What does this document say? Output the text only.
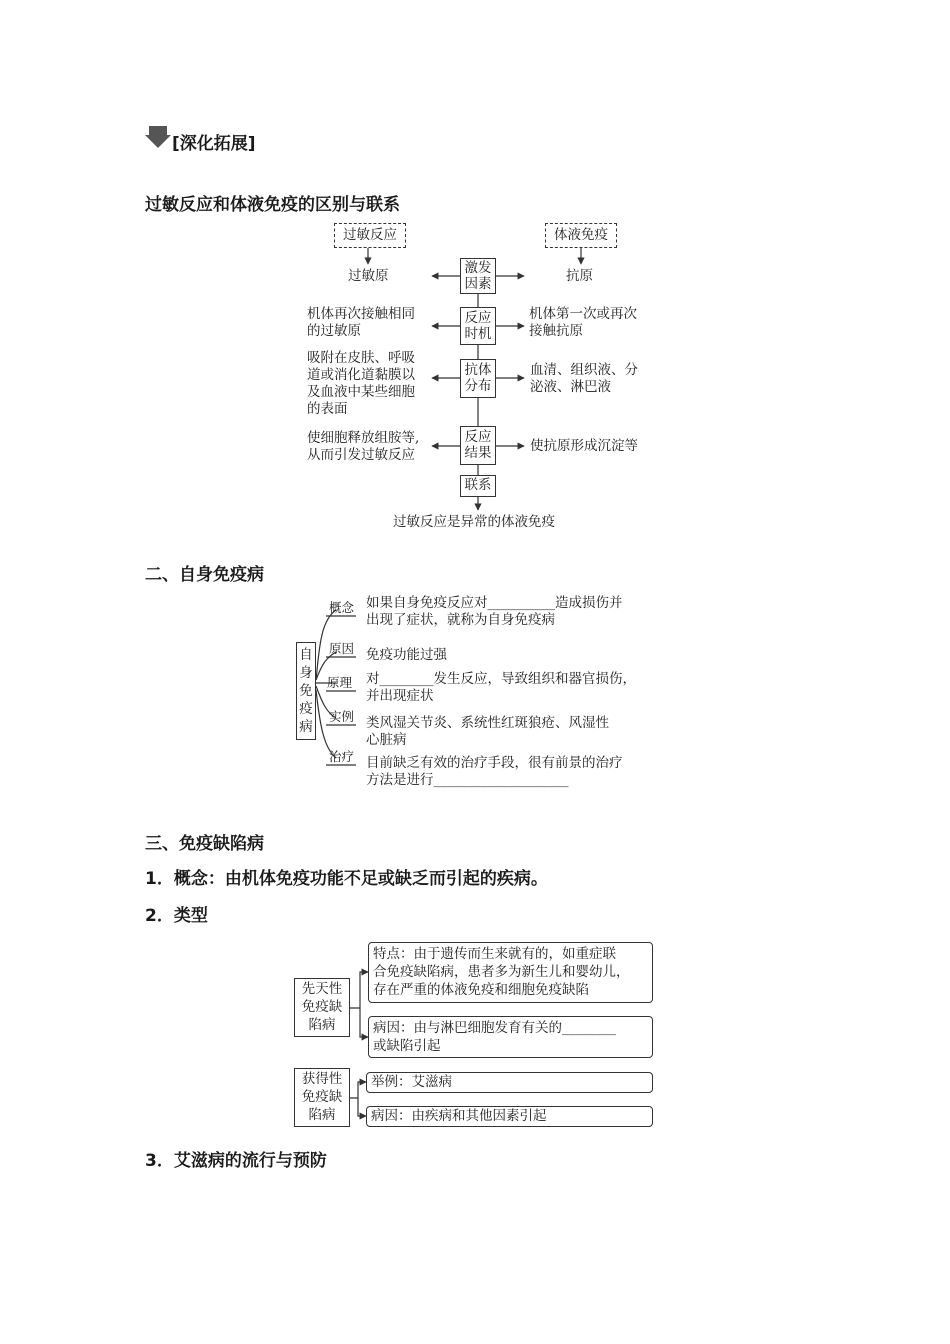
[深化拓展]
过敏反应和体液免疫的区别与联系
过敏反应	体液免疫
激发
因素
反应
时机
抗体
分布
反应
结果
联系
过敏原
机体再次接触相同
的过敏原
吸附在皮肤、呼吸
道或消化道黏膜以
及血液中某些细胞
的表面
使细胞释放组胺等,
从而引发过敏反应
抗原
机体第一次或再次
接触抗原
血清、组织液、分
泌液、淋巴液
使抗原形成沉淀等
过敏反应是异常的体液免疫
二、自身免疫病
自
身
免
疫
病
概念
原因
原理
实例
治疗
如果自身免疫反应对__________造成损伤并
出现了症状，就称为自身免疫病
免疫功能过强
对________发生反应，导致组织和器官损伤，
并出现症状
类风湿关节炎、系统性红斑狼疮、风湿性
心脏病
目前缺乏有效的治疗手段，很有前景的治疗
方法是进行____________________
三、免疫缺陷病
1．概念：由机体免疫功能不足或缺乏而引起的疾病。
2．类型
先天性
免疫缺
陷病
特点：由于遗传而生来就有的，如重症联
合免疫缺陷病，患者多为新生儿和婴幼儿，
存在严重的体液免疫和细胞免疫缺陷
病因：由与淋巴细胞发育有关的________
或缺陷引起
获得性
免疫缺
陷病
举例：艾滋病
病因：由疾病和其他因素引起
3．艾滋病的流行与预防
